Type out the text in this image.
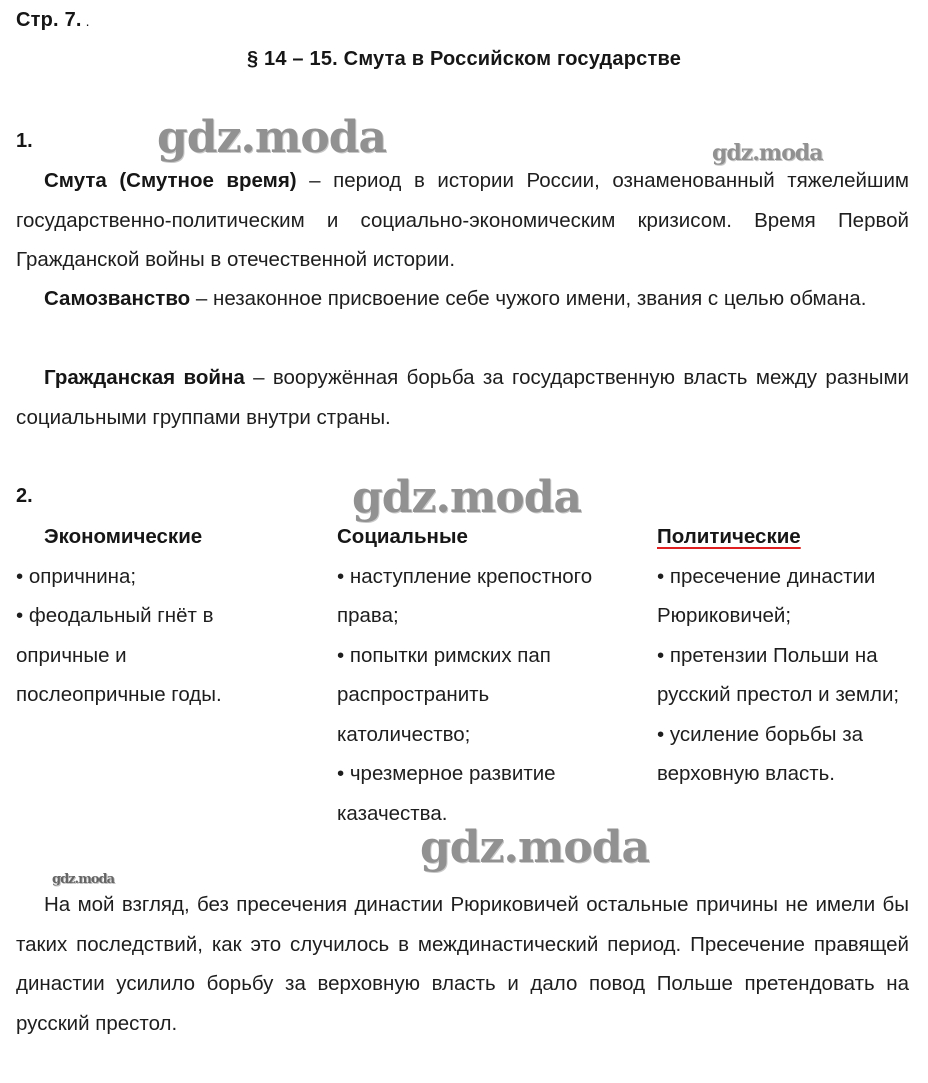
Стр. 7. .
§ 14 – 15. Смута в Российском государстве
1.

Смута (Смутное время) – период в истории России, ознаменованный тяжелейшим государственно-политическим и социально-экономическим кризисом. Время Первой Гражданской войны в отечественной истории.

Самозванство – незаконное присвоение себе чужого имени, звания с целью обмана.

Гражданская война – вооружённая борьба за государственную власть между разными социальными группами внутри страны.

2.
Экономические

• опричнина;

• феодальный гнёт в опричные и послеопричные годы.

Социальные

• наступление крепостного права;

• попытки римских пап распространить католичество;

• чрезмерное развитие казачества.

Политические

• пресечение династии Рюриковичей;

• претензии Польши на русский престол и земли;

• усиление борьбы за верховную власть.

На мой взгляд, без пресечения династии Рюриковичей остальные причины не имели бы таких последствий, как это случилось в междинастический период. Пресечение правящей династии усилило борьбу за верховную власть и дало повод Польше претендовать на русский престол.

gdz.moda	gdz.moda
gdz.moda
gdz.moda
gdz.moda
